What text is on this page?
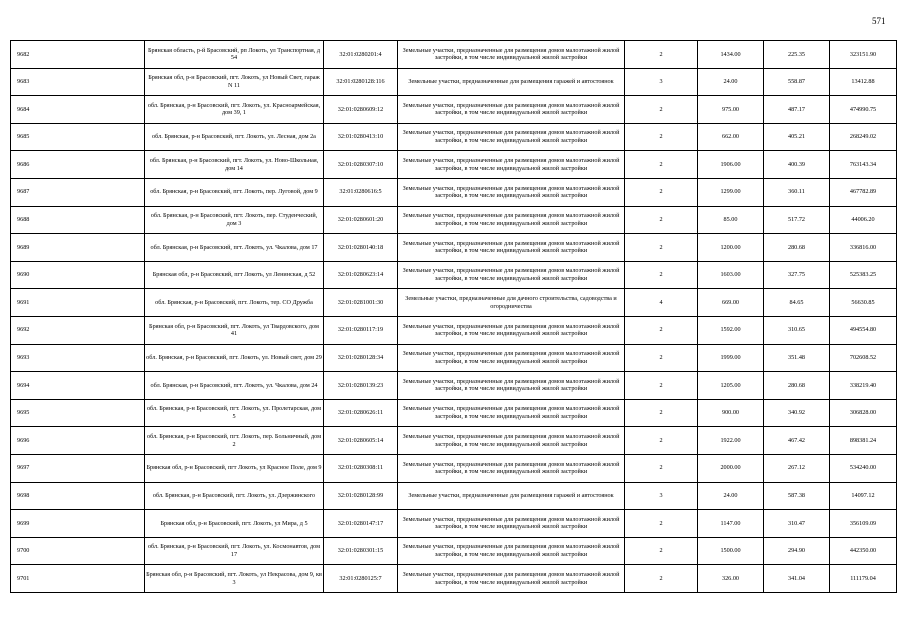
571
9682	Брянская область, р-й Брасовский, рп Локоть, ул Транспортная, д 54	32:01:0280201:4	Земельные участки, предназначенные для размещения домов малоэтажной жилой застройки, в том числе индивидуальной жилой застройки	2	1434.00	225.35	323151.90
9683	Брянская обл, р-н Брасовский, пгт. Локоть, ул Новый Свет, гараж N 11	32:01:0280128:116	Земельные участки, предназначенные для размещения гаражей и автостоянок	3	24.00	558.87	13412.88
9684	обл. Брянская, р-н Брасовский, пгт. Локоть, ул. Красноармейская, дом 39, 1	32:01:0280609:12	Земельные участки, предназначенные для размещения домов малоэтажной жилой застройки, в том числе индивидуальной жилой застройки	2	975.00	487.17	474990.75
9685	обл. Брянская, р-н Брасовский, пгт. Локоть, ул. Лесная, дом 2а	32:01:0280413:10	Земельные участки, предназначенные для размещения домов малоэтажной жилой застройки, в том числе индивидуальной жилой застройки	2	662.00	405.21	268249.02
9686	обл. Брянская, р-н Брасовский, пгт. Локоть, ул. Ново-Школьная, дом 14	32:01:0280307:10	Земельные участки, предназначенные для размещения домов малоэтажной жилой застройки, в том числе индивидуальной жилой застройки	2	1906.00	400.39	763143.34
9687	обл. Брянская, р-н Брасовский, пгт. Локоть, пер. Луговой, дом 9	32:01:0280616:5	Земельные участки, предназначенные для размещения домов малоэтажной жилой застройки, в том числе индивидуальной жилой застройки	2	1299.00	360.11	467782.89
9688	обл. Брянская, р-н Брасовский, пгт. Локоть, пер. Студенческий, дом 3	32:01:0280601:20	Земельные участки, предназначенные для размещения домов малоэтажной жилой застройки, в том числе индивидуальной жилой застройки	2	85.00	517.72	44006.20
9689	обл. Брянская, р-н Брасовский, пгт. Локоть, ул. Чкалова, дом 17	32:01:0280140:18	Земельные участки, предназначенные для размещения домов малоэтажной жилой застройки, в том числе индивидуальной жилой застройки	2	1200.00	280.68	336816.00
9690	Брянская обл, р-н Брасовский, пгт Локоть, ул Ленинская, д 52	32:01:0280623:14	Земельные участки, предназначенные для размещения домов малоэтажной жилой застройки, в том числе индивидуальной жилой застройки	2	1603.00	327.75	525383.25
9691	обл. Брянская, р-н Брасовский, пгт. Локоть, тер. СО Дружба	32:01:0281001:30	Земельные участки, предназначенные для дачного строительства, садоводства и огородничества	4	669.00	84.65	56630.85
9692	Брянская обл, р-н Брасовский, пгт. Локоть, ул Твардовского, дом 41	32:01:0280117:19	Земельные участки, предназначенные для размещения домов малоэтажной жилой застройки, в том числе индивидуальной жилой застройки	2	1592.00	310.65	494554.80
9693	обл. Брянская, р-н Брасовский, пгт. Локоть, ул. Новый свет, дом 29	32:01:0280128:34	Земельные участки, предназначенные для размещения домов малоэтажной жилой застройки, в том числе индивидуальной жилой застройки	2	1999.00	351.48	702608.52
9694	обл. Брянская, р-н Брасовский, пгт. Локоть, ул. Чкалова, дом 24	32:01:0280139:23	Земельные участки, предназначенные для размещения домов малоэтажной жилой застройки, в том числе индивидуальной жилой застройки	2	1205.00	280.68	338219.40
9695	обл. Брянская, р-н Брасовский, пгт. Локоть, ул. Пролетарская, дом 5	32:01:0280626:11	Земельные участки, предназначенные для размещения домов малоэтажной жилой застройки, в том числе индивидуальной жилой застройки	2	900.00	340.92	306828.00
9696	обл. Брянская, р-н Брасовский, пгт. Локоть, пер. Больничный, дом 2	32:01:0280605:14	Земельные участки, предназначенные для размещения домов малоэтажной жилой застройки, в том числе индивидуальной жилой застройки	2	1922.00	467.42	898381.24
9697	Брянская обл, р-н Брасовский, пгт Локоть, ул Красное Поле, дом 9	32:01:0280308:11	Земельные участки, предназначенные для размещения домов малоэтажной жилой застройки, в том числе индивидуальной жилой застройки	2	2000.00	267.12	534240.00
9698	обл. Брянская, р-н Брасовский, пгт. Локоть, ул. Дзержинского	32:01:0280128:99	Земельные участки, предназначенные для размещения гаражей и автостоянок	3	24.00	587.38	14097.12
9699	Брянская обл, р-н Брасовский, пгт. Локоть, ул Мира, д 5	32:01:0280147:17	Земельные участки, предназначенные для размещения домов малоэтажной жилой застройки, в том числе индивидуальной жилой застройки	2	1147.00	310.47	356109.09
9700	обл. Брянская, р-н Брасовский, пгт. Локоть, ул. Космонавтов, дом 17	32:01:0280301:15	Земельные участки, предназначенные для размещения домов малоэтажной жилой застройки, в том числе индивидуальной жилой застройки	2	1500.00	294.90	442350.00
9701	Брянская обл, р-н Брасовский, пгт. Локоть, ул Некрасова, дом 9, кв 3	32:01:0280125:7	Земельные участки, предназначенные для размещения домов малоэтажной жилой застройки, в том числе индивидуальной жилой застройки	2	326.00	341.04	111179.04
